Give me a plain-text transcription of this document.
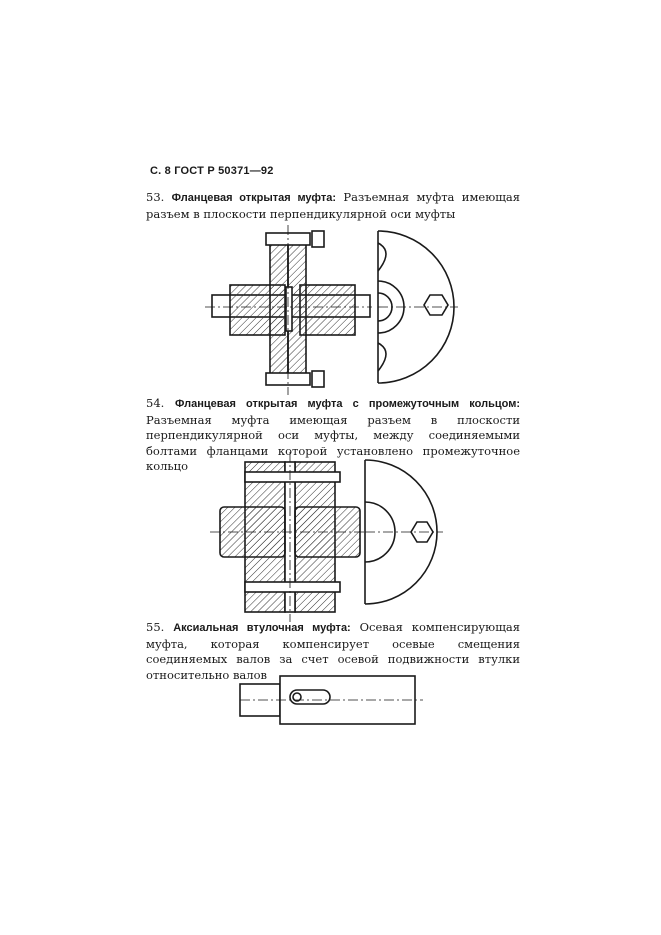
С. 8 ГОСТ Р 50371—92
53. Фланцевая открытая муфта: Разъемная муфта имеющая разъем в плоскости перпендикулярной оси муфты
54. Фланцевая открытая муфта с промежуточным кольцом: Разъемная муфта имеющая разъем в плоскости перпендикулярной оси муфты, между соединяемыми болтами фланцами которой установлено промежуточное кольцо
55. Аксиальная втулочная муфта: Осевая компенсирующая муфта, которая компенсирует осевые смещения соединяемых валов за счет осевой подвижности втулки относительно валов
